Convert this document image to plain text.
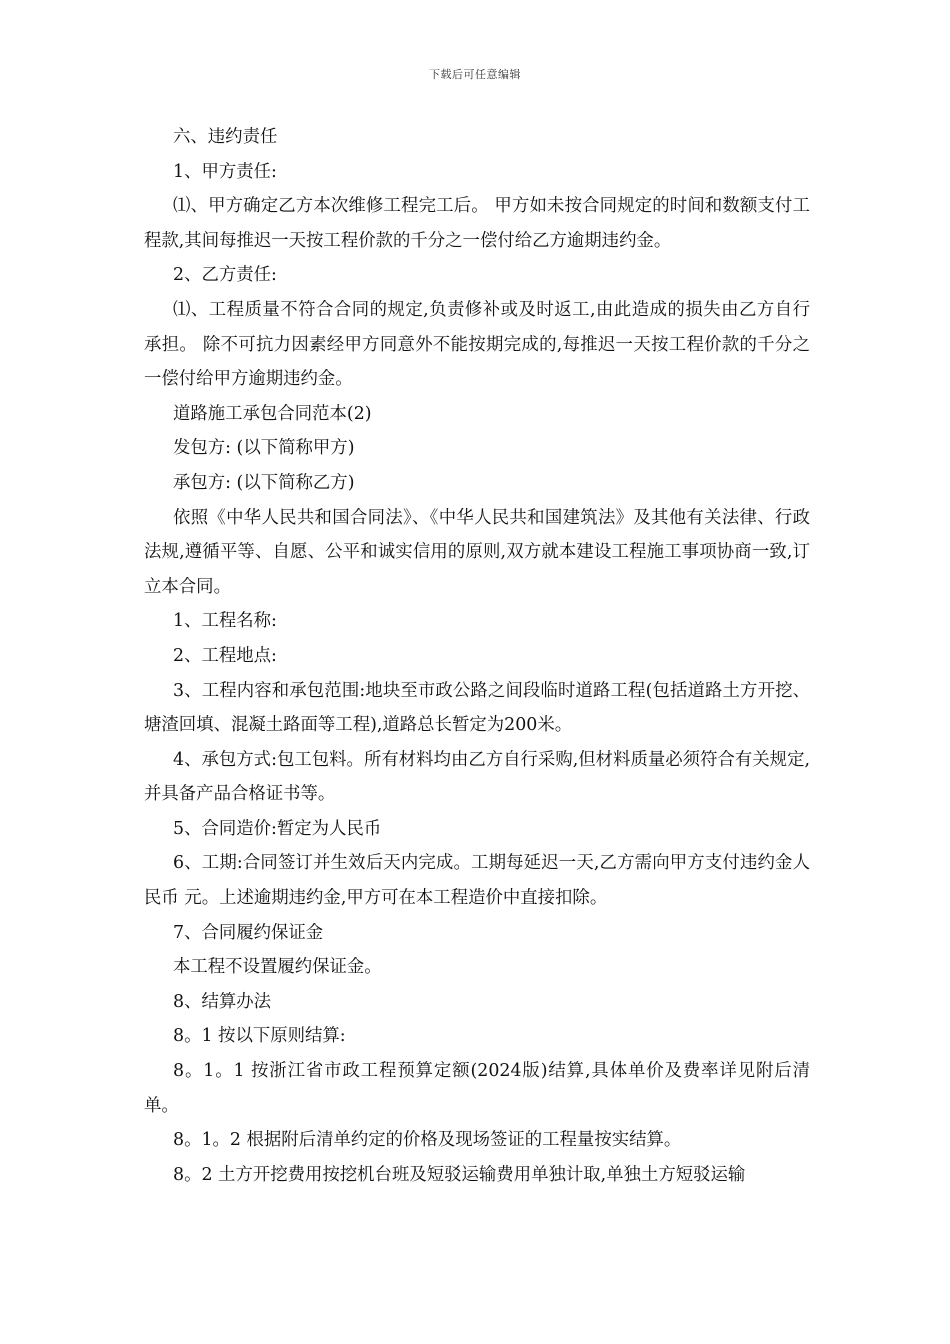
下载后可任意编辑

六、违约责任

1、甲方责任:

⑴、甲方确定乙方本次维修工程完工后。 甲方如未按合同规定的时间和数额支付工程款,其间每推迟一天按工程价款的千分之一偿付给乙方逾期违约金。

2、乙方责任:

⑴、工程质量不符合合同的规定,负责修补或及时返工,由此造成的损失由乙方自行承担。 除不可抗力因素经甲方同意外不能按期完成的,每推迟一天按工程价款的千分之一偿付给甲方逾期违约金。

道路施工承包合同范本(2)

发包方: (以下简称甲方)

承包方: (以下简称乙方)

依照《中华人民共和国合同法》、《中华人民共和国建筑法》及其他有关法律、行政法规,遵循平等、自愿、公平和诚实信用的原则,双方就本建设工程施工事项协商一致,订立本合同。

1、工程名称:

2、工程地点:

3、工程内容和承包范围:地块至市政公路之间段临时道路工程(包括道路土方开挖、塘渣回填、混凝土路面等工程),道路总长暂定为200米。

4、承包方式:包工包料。所有材料均由乙方自行采购,但材料质量必须符合有关规定,并具备产品合格证书等。

5、合同造价:暂定为人民币

6、工期:合同签订并生效后天内完成。工期每延迟一天,乙方需向甲方支付违约金人民币 元。上述逾期违约金,甲方可在本工程造价中直接扣除。

7、合同履约保证金

本工程不设置履约保证金。

8、结算办法

8。1 按以下原则结算:

8。1。1 按浙江省市政工程预算定额(2024版)结算,具体单价及费率详见附后清单。

8。1。2 根据附后清单约定的价格及现场签证的工程量按实结算。

8。2 土方开挖费用按挖机台班及短驳运输费用单独计取,单独土方短驳运输
